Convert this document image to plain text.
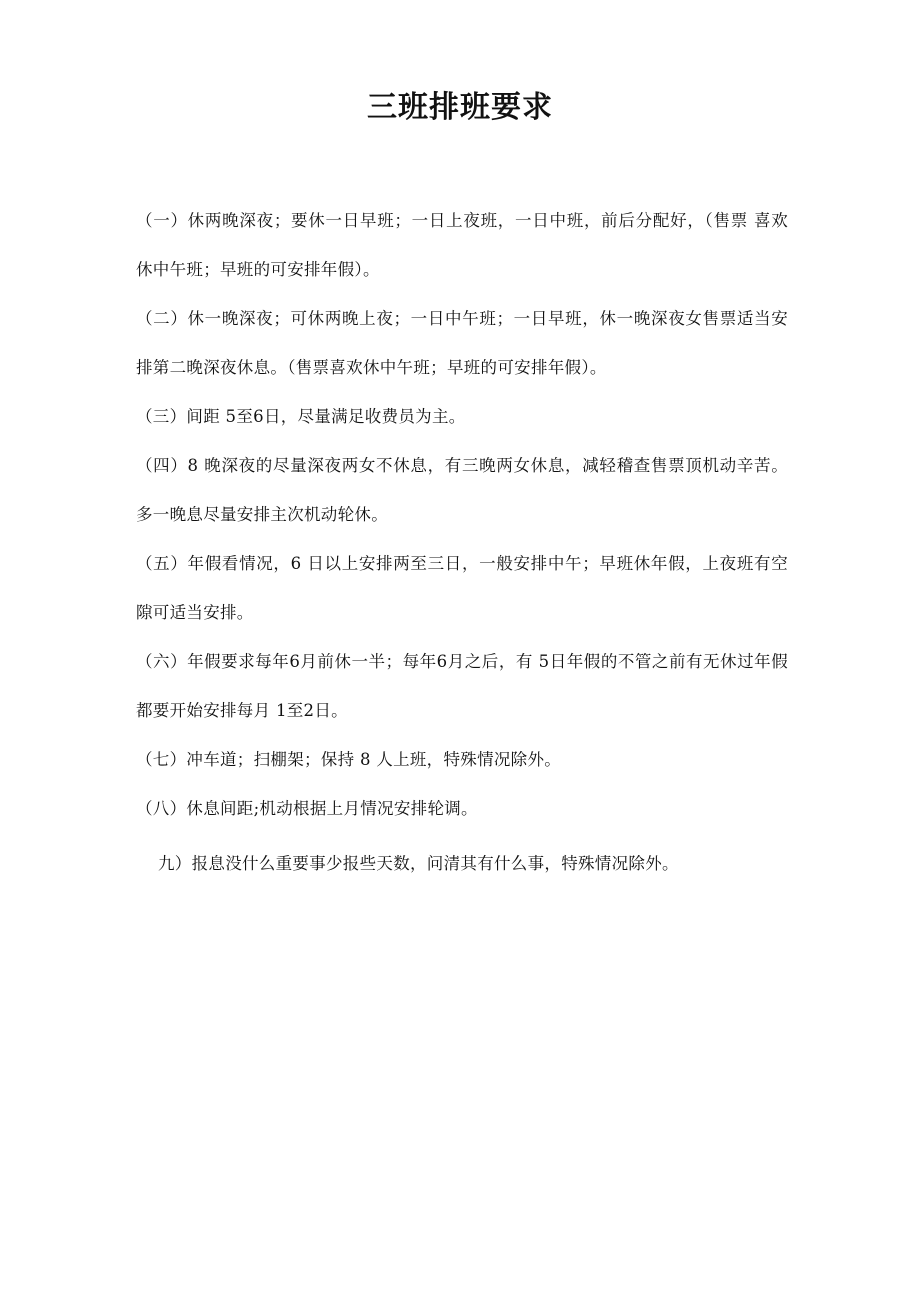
三班排班要求

（一）休两晚深夜；要休一日早班；一日上夜班，一日中班，前后分配好，（售票 喜欢休中午班；早班的可安排年假）。

（二）休一晚深夜；可休两晚上夜；一日中午班；一日早班，休一晚深夜女售票适当安排第二晚深夜休息。（售票喜欢休中午班；早班的可安排年假）。

（三）间距 5至6日，尽量满足收费员为主。

（四）8 晚深夜的尽量深夜两女不休息，有三晚两女休息，减轻稽查售票顶机动辛苦。多一晚息尽量安排主次机动轮休。

（五）年假看情况，6 日以上安排两至三日，一般安排中午；早班休年假，上夜班有空隙可适当安排。

（六）年假要求每年6月前休一半；每年6月之后，有 5日年假的不管之前有无休过年假都要开始安排每月 1至2日。

（七）冲车道；扫棚架；保持 8 人上班，特殊情况除外。

（八）休息间距;机动根据上月情况安排轮调。

九）报息没什么重要事少报些天数，问清其有什么事，特殊情况除外。
